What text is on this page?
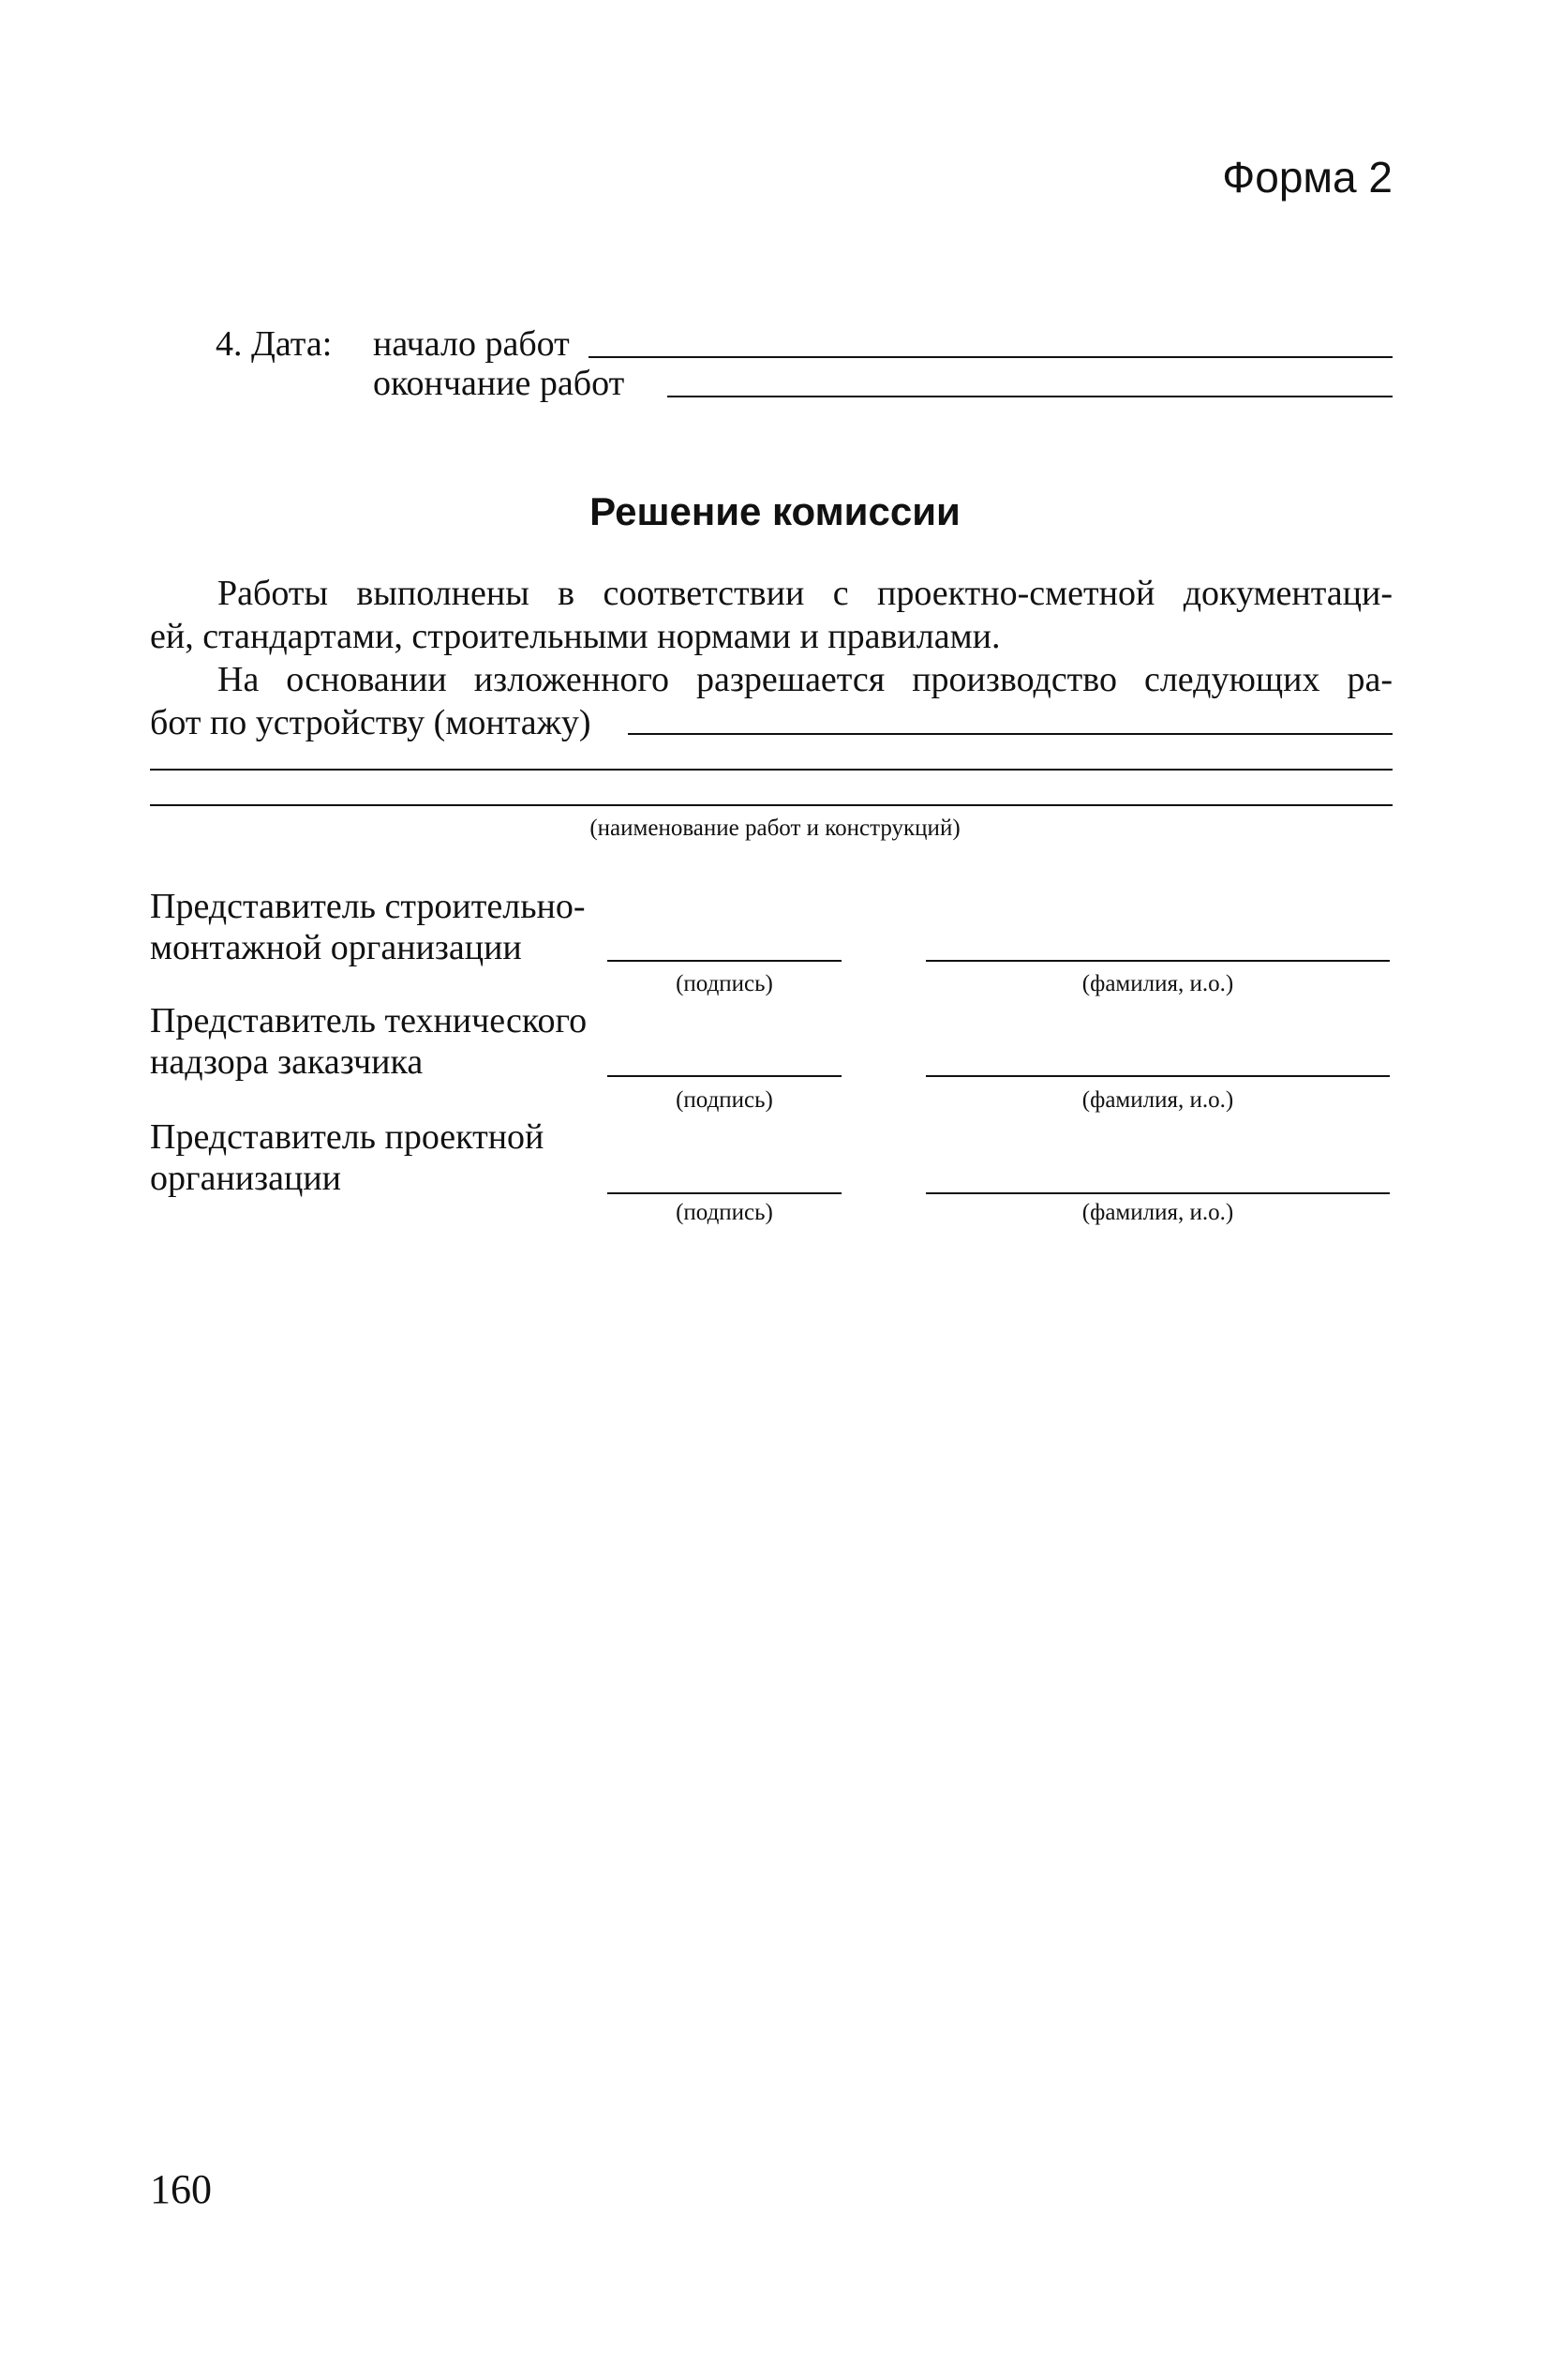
Форма 2
4. Дата: начало работ
окончание работ
Решение комиссии
Работы выполнены в соответствии с проектно-сметной документаци-
ей, стандартами, строительными нормами и правилами.
На основании изложенного разрешается производство следующих ра-
бот по устройству (монтажу)
(наименование работ и конструкций)
Представитель строительно-
монтажной организации
(подпись)	(фамилия, и.о.)
Представитель технического
надзора заказчика
(подпись)	(фамилия, и.о.)
Представитель проектной
организации
(подпись)	(фамилия, и.о.)
160
